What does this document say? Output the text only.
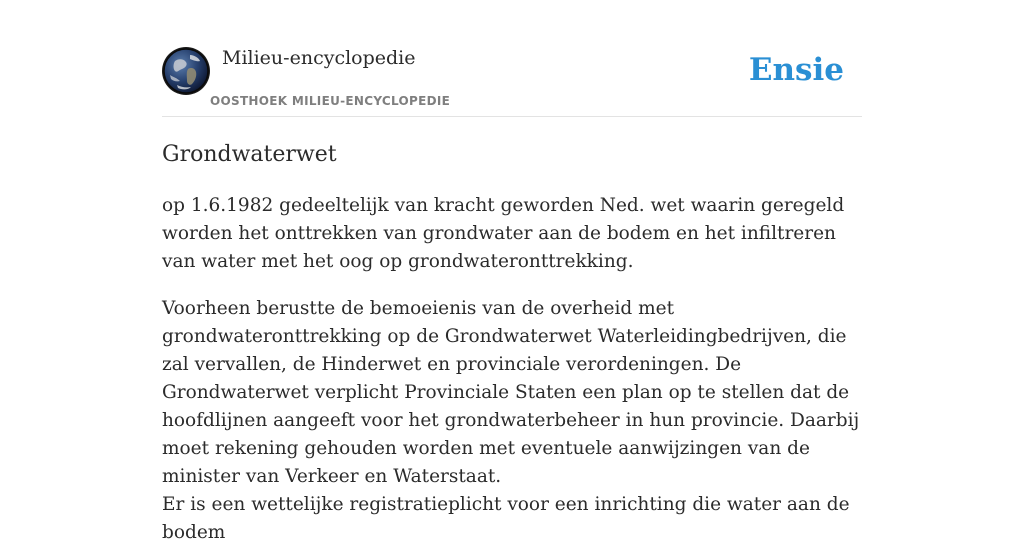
Milieu-encyclopedie
OOSTHOEK MILIEU-ENCYCLOPEDIE
Ensie
Grondwaterwet

op 1.6.1982 gedeeltelijk van kracht geworden Ned. wet waarin geregeld worden het onttrekken van grondwater aan de bodem en het infiltreren van water met het oog op grondwateronttrekking.

Voorheen berustte de bemoeienis van de overheid met grondwateronttrekking op de Grondwaterwet Waterleidingbedrijven, die zal vervallen, de Hinderwet en provinciale verordeningen. De Grondwaterwet verplicht Provinciale Staten een plan op te stellen dat de hoofdlijnen aangeeft voor het grondwaterbeheer in hun provincie. Daarbij moet rekening gehouden worden met eventuele aanwijzingen van de minister van Verkeer en Waterstaat.

Er is een wettelijke registratieplicht voor een inrichting die water aan de bodem
